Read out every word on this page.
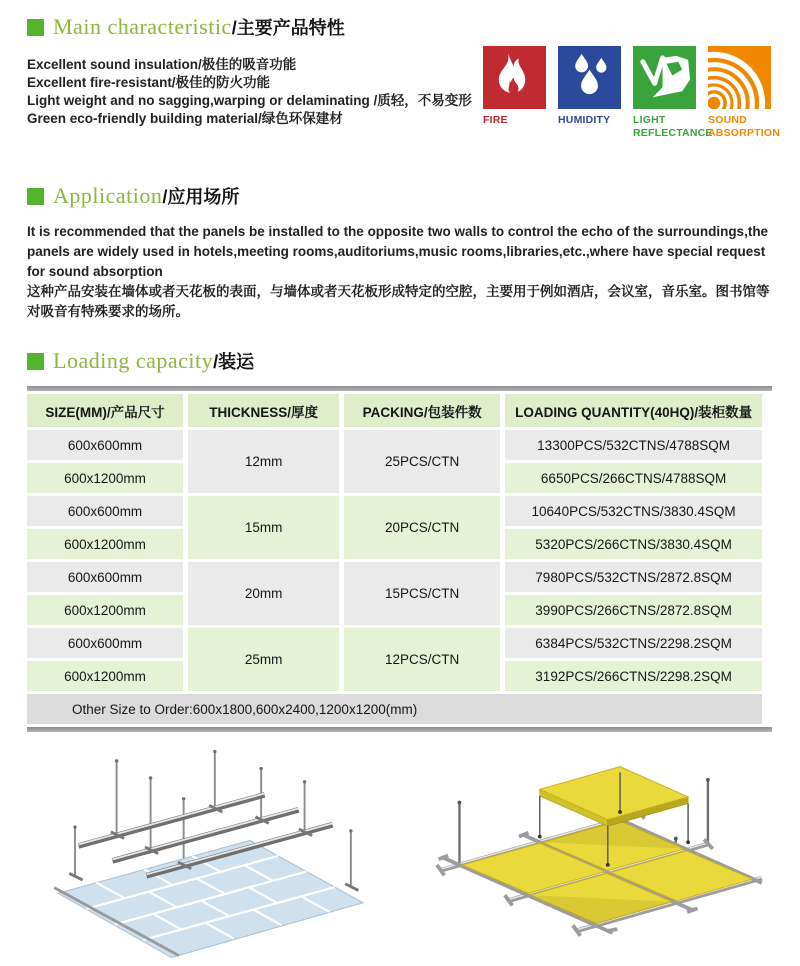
Main characteristic/主要产品特性
Excellent sound insulation/极佳的吸音功能
Excellent fire-resistant/极佳的防火功能
Light weight and no sagging,warping or delaminating /质轻，不易变形
Green eco-friendly building material/绿色环保建材	FIRE	HUMIDITY	LIGHT REFLECTANCE
SOUND ABSORPTION
Application/应用场所
It is recommended that the panels be installed to the opposite two walls to control the echo of the surroundings,the panels are widely used in hotels,meeting rooms,auditoriums,music rooms,libraries,etc.,where have special request for sound absorption
这种产品安装在墙体或者天花板的表面，与墙体或者天花板形成特定的空腔，主要用于例如酒店，会议室，音乐室。图书馆等对吸音有特殊要求的场所。
Loading capacity/装运
SIZE(MM)/产品尺寸	THICKNESS/厚度	PACKING/包装件数	LOADING QUANTITY(40HQ)/装柜数量
600x600mm	12mm	25PCS/CTN	13300PCS/532CTNS/4788SQM
600x1200mm			6650PCS/266CTNS/4788SQM
600x600mm	15mm	20PCS/CTN	10640PCS/532CTNS/3830.4SQM
600x1200mm			5320PCS/266CTNS/3830.4SQM
600x600mm	20mm	15PCS/CTN	7980PCS/532CTNS/2872.8SQM
600x1200mm			3990PCS/266CTNS/2872.8SQM
600x600mm	25mm	12PCS/CTN	6384PCS/532CTNS/2298.2SQM
600x1200mm			3192PCS/266CTNS/2298.2SQM
Other Size to Order:600x1800,600x2400,1200x1200(mm)			
